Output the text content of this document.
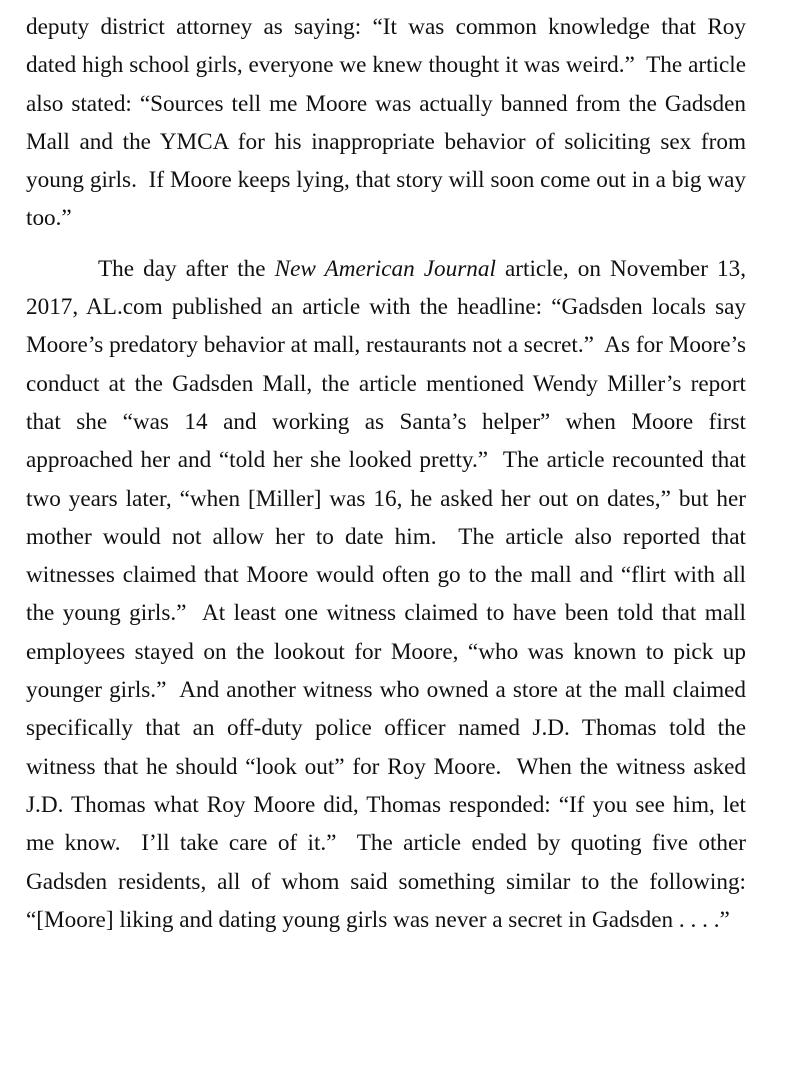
deputy district attorney as saying: “It was common knowledge that Roy dated high school girls, everyone we knew thought it was weird.”  The article also stated: “Sources tell me Moore was actually banned from the Gadsden Mall and the YMCA for his inappropriate behavior of soliciting sex from young girls.  If Moore keeps lying, that story will soon come out in a big way too.”

The day after the New American Journal article, on November 13, 2017, AL.com published an article with the headline: “Gadsden locals say Moore’s predatory behavior at mall, restaurants not a secret.”  As for Moore’s conduct at the Gadsden Mall, the article mentioned Wendy Miller’s report that she “was 14 and working as Santa’s helper” when Moore first approached her and “told her she looked pretty.”  The article recounted that two years later, “when [Miller] was 16, he asked her out on dates,” but her mother would not allow her to date him.  The article also reported that witnesses claimed that Moore would often go to the mall and “flirt with all the young girls.”  At least one witness claimed to have been told that mall employees stayed on the lookout for Moore, “who was known to pick up younger girls.”  And another witness who owned a store at the mall claimed specifically that an off-duty police officer named J.D. Thomas told the witness that he should “look out” for Roy Moore.  When the witness asked J.D. Thomas what Roy Moore did, Thomas responded: “If you see him, let me know.  I’ll take care of it.”  The article ended by quoting five other Gadsden residents, all of whom said something similar to the following: “[Moore] liking and dating young girls was never a secret in Gadsden . . . .”
